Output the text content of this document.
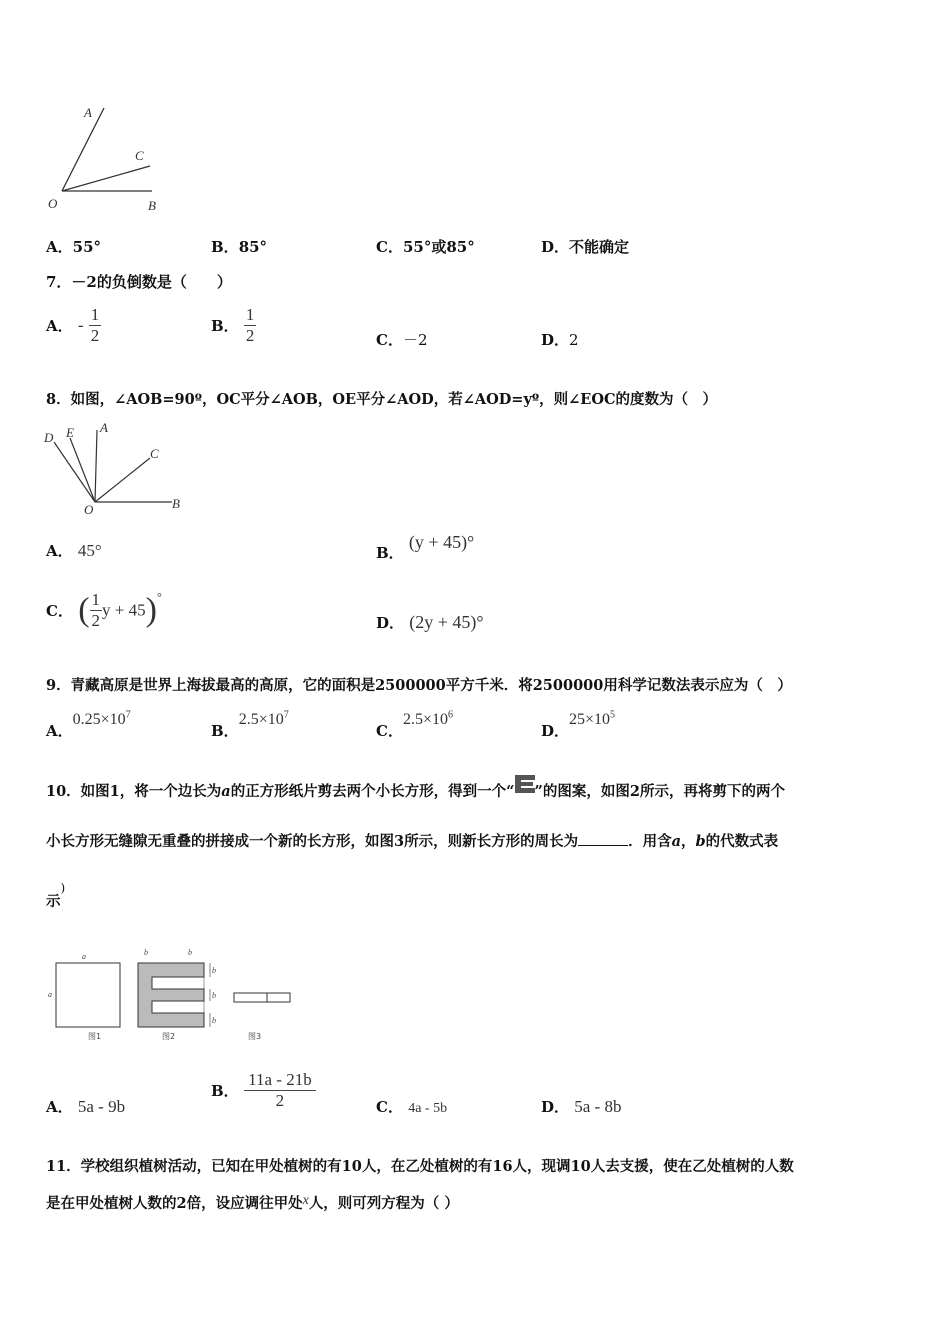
A
C
O	B
A．55°	B．85°	C．55°或85°	D．不能确定
7．－2的负倒数是（　　）
A． - $\frac{1}{2}$	B． $\frac{1}{2}$	C．－2	D．2
8．如图，∠AOB=90º，OC平分∠AOB，OE平分∠AOD，若∠AOD=yº，则∠EOC的度数为（　）
D E A
C
O	B
A． 45°	B． (y + 45)°
C． ( $\frac{1}{2}$ y + 45)°
D． (2y + 45)°
9．青藏高原是世界上海拔最高的高原，它的面积是2500000平方千米．将2500000用科学记数法表示应为（　）
A．$0.25\times 10^7$
B．$2.5\times 10^7$
C．$2.5\times 10^6$
D．$25\times 10^5$
10．如图1，将一个边长为a的正方形纸片剪去两个小长方形，得到一个“ ”的图案，如图2所示，再将剪下的两个
小长方形无缝隙无重叠的拼接成一个新的长方形，如图3所示，则新长方形的周长为	．用含a，b的代数式表
示)
a
a
图1
b	b
b
b
b
图2	图3
A． 5a - 9b
B． $\frac{11a - 21b}{2}$	C． 4a - 5b	D． 5a - 8b
11．学校组织植树活动，已知在甲处植树的有10人，在乙处植树的有16人，现调10人去支援，使在乙处植树的人数
是在甲处植树人数的2倍，设应调往甲处x人，则可列方程为（ ）
